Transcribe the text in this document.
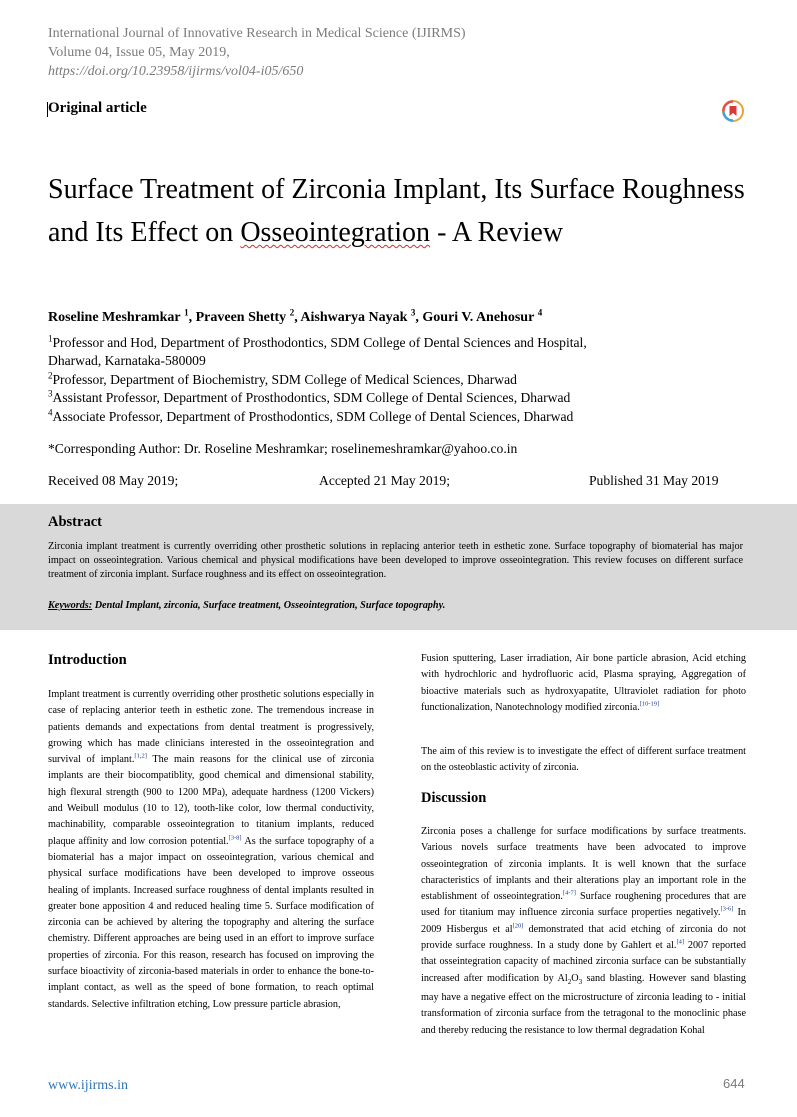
International Journal of Innovative Research in Medical Science (IJIRMS)
Volume 04, Issue 05, May 2019,
https://doi.org/10.23958/ijirms/vol04-i05/650
Original article
Surface Treatment of Zirconia Implant, Its Surface Roughness and Its Effect on Osseointegration - A Review
Roseline Meshramkar $^1$, Praveen Shetty $^2$, Aishwarya Nayak $^3$, Gouri V. Anehosur $^4$
$^1$Professor and Hod, Department of Prosthodontics, SDM College of Dental Sciences and Hospital,
Dharwad, Karnataka-580009
$^2$Professor, Department of Biochemistry, SDM College of Medical Sciences, Dharwad
$^3$Assistant Professor, Department of Prosthodontics, SDM College of Dental Sciences, Dharwad
$^4$Associate Professor, Department of Prosthodontics, SDM College of Dental Sciences, Dharwad
*Corresponding Author: Dr. Roseline Meshramkar; roselinemeshramkar@yahoo.co.in
Received 08 May 2019;	Accepted 21 May 2019;	Published 31 May 2019
Abstract
Zirconia implant treatment is currently overriding other prosthetic solutions in replacing anterior teeth in esthetic zone. Surface topography of biomaterial has major impact on osseointegration. Various chemical and physical modifications have been developed to improve osseointegration. This review focuses on different surface treatment of zirconia implant. Surface roughness and its effect on osseointegration.
Keywords: Dental Implant, zirconia, Surface treatment, Osseointegration, Surface topography.
Introduction

Implant treatment is currently overriding other prosthetic solutions especially in case of replacing anterior teeth in esthetic zone. The tremendous increase in patients demands and expectations from dental treatment is progressively, growing which has made clinicians interested in the osseointegration and survival of implant.[1,2] The main reasons for the clinical use of zirconia implants are their biocompatiblity, good chemical and dimensional stability, high flexural strength (900 to 1200 MPa), adequate hardness (1200 Vickers) and Weibull modulus (10 to 12), tooth-like color, low thermal conductivity, machinability, comparable osseointegration to titanium implants, reduced plaque affinity and low corrosion potential.[3-8] As the surface topography of a biomaterial has a major impact on osseointegration, various chemical and physical surface modifications have been developed to improve osseous healing of implants. Increased surface roughness of dental implants resulted in greater bone apposition 4 and reduced healing time 5. Surface modification of zirconia can be achieved by altering the topography and altering the surface chemistry. Different approaches are being used in an effort to improve surface properties of zirconia. For this reason, research has focused on improving the surface bioactivity of zirconia-based materials in order to enhance the bone-to-implant contact, as well as the speed of bone formation, to reach optimal standards. Selective infiltration etching, Low pressure particle abrasion,

Fusion sputtering, Laser irradiation, Air bone particle abrasion, Acid etching with hydrochloric and hydrofluoric acid, Plasma spraying, Aggregation of bioactive materials such as hydroxyapatite, Ultraviolet radiation for photo functionalization, Nanotechnology modified zirconia.[10-19]

The aim of this review is to investigate the effect of different surface treatment on the osteoblastic activity of zirconia.

Discussion

Zirconia poses a challenge for surface modifications by surface treatments. Various novels surface treatments have been advocated to improve osseointegration of zirconia implants. It is well known that the surface characteristics of implants and their alterations play an important role in the establishment of osseointegration.[4-7] Surface roughening procedures that are used for titanium may influence zirconia surface properties negatively.[3-6] In 2009 Hisbergus et al[20] demonstrated that acid etching of zirconia do not provide surface roughness. In a study done by Gahlert et al.[4] 2007 reported that osseintegration capacity of machined zirconia surface can be substantially increased after modification by $Al_2O_3$ sand blasting. However sand blasting may have a negative effect on the microstructure of zirconia leading to - initial transformation of zirconia surface from the tetragonal to the monoclinic phase and thereby reducing the resistance to low thermal degradation Kohal

www.ijirms.in	644
